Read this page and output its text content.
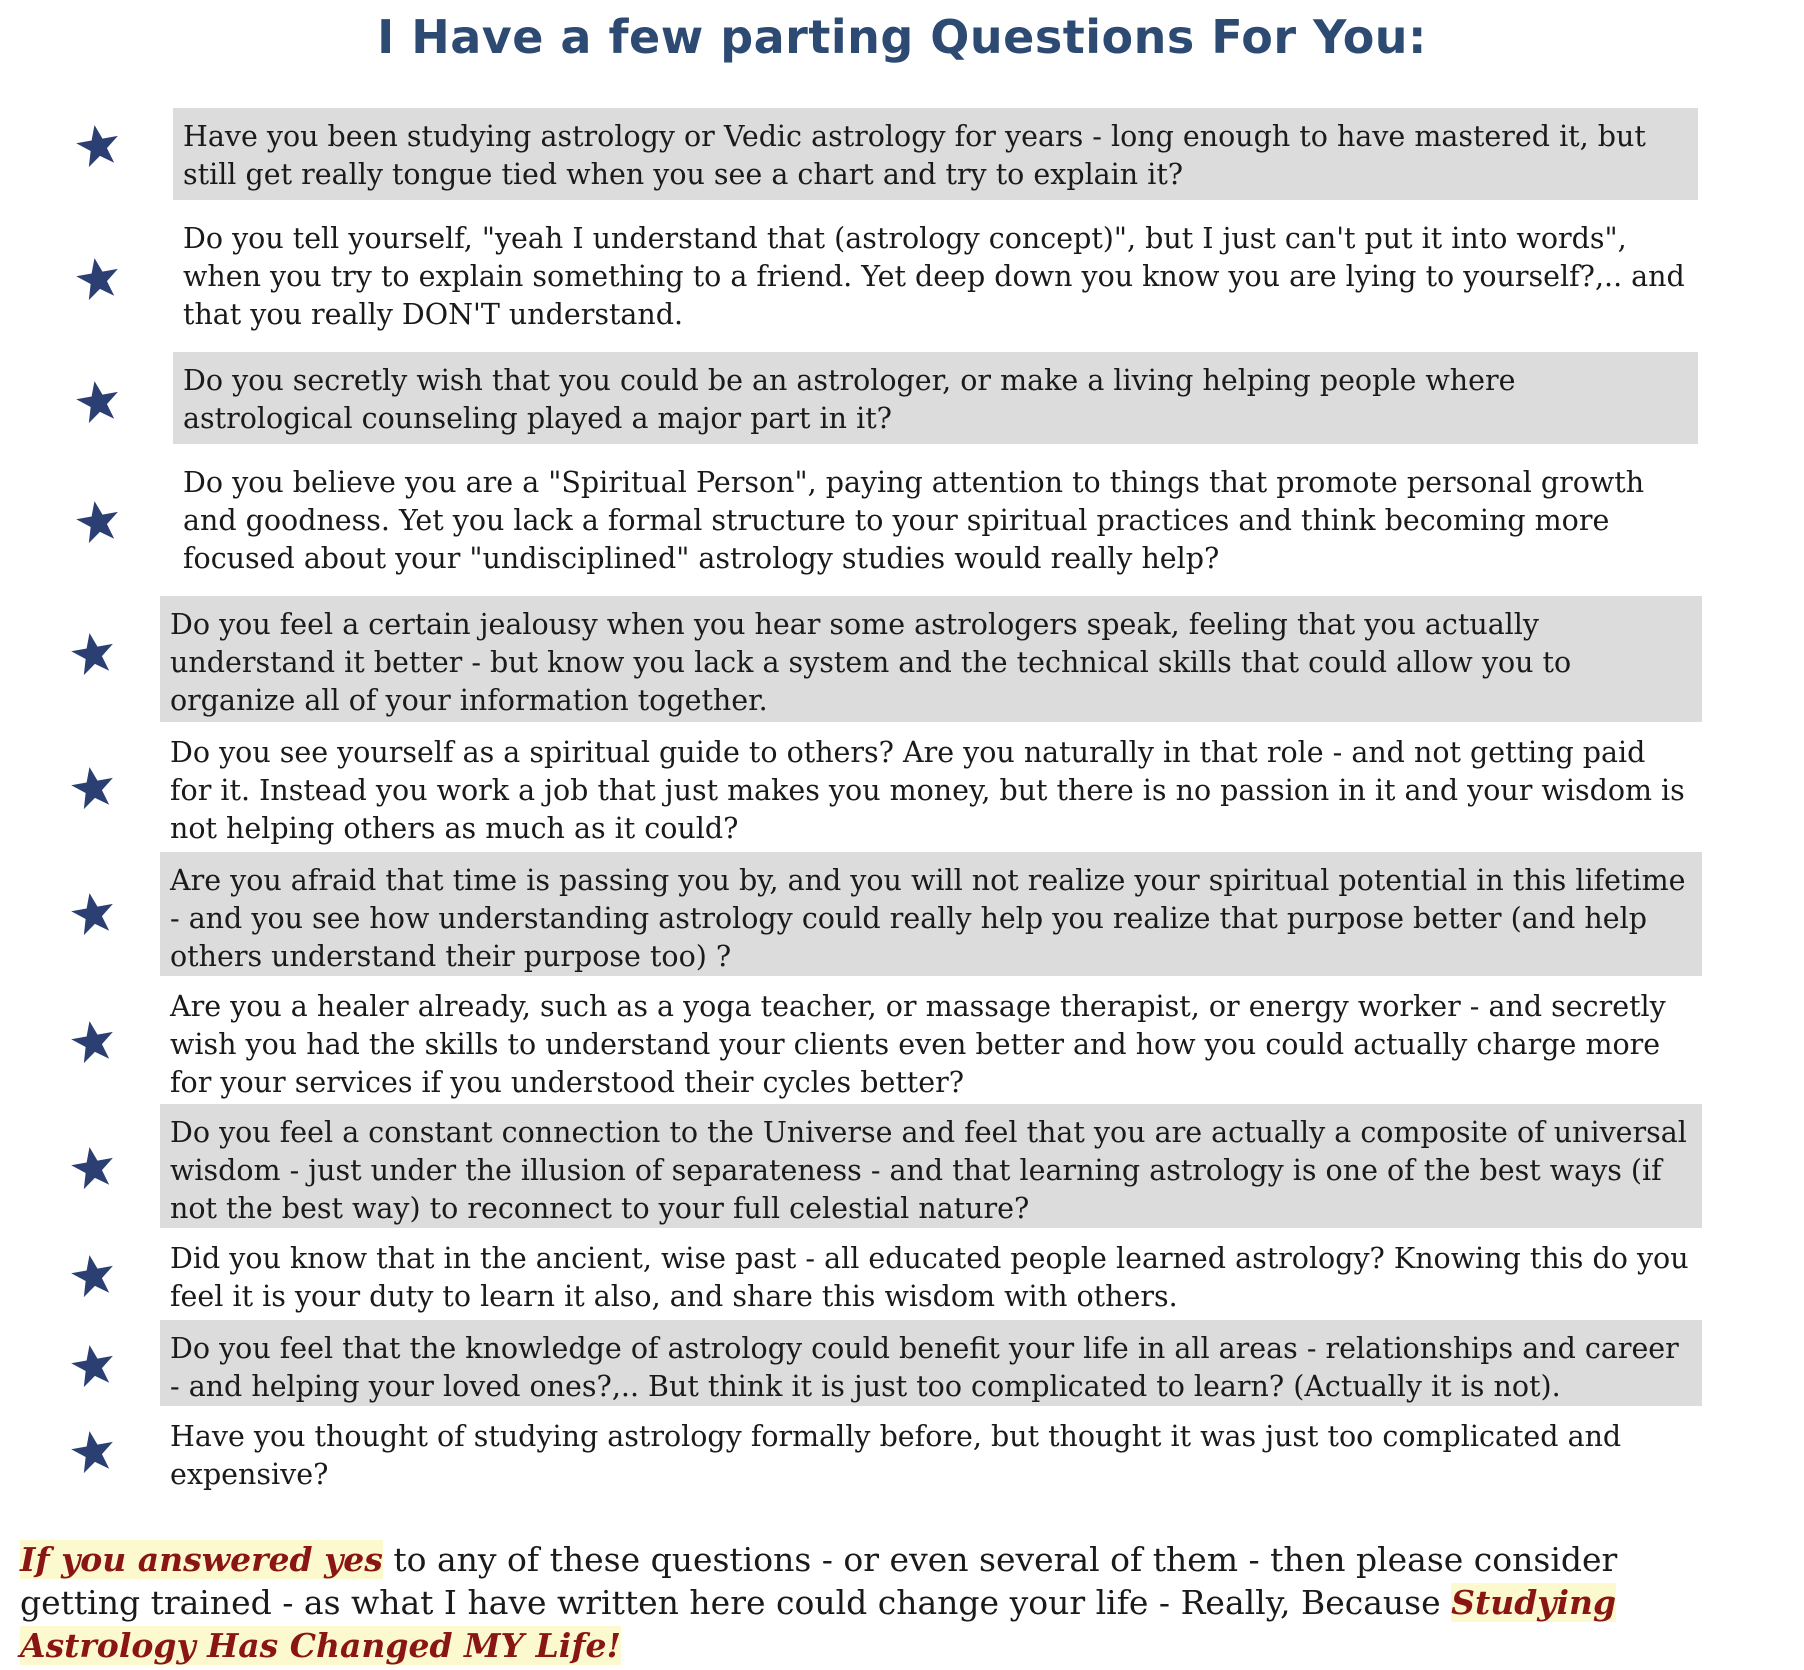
I Have a few parting Questions For You:
Have you been studying astrology or Vedic astrology for years - long enough to have mastered it, but still get really tongue tied when you see a chart and try to explain it?
Do you tell yourself, "yeah I understand that (astrology concept)", but I just can't put it into words", when you try to explain something to a friend. Yet deep down you know you are lying to yourself?,.. and that you really DON'T understand.
Do you secretly wish that you could be an astrologer, or make a living helping people where astrological counseling played a major part in it?
Do you believe you are a "Spiritual Person", paying attention to things that promote personal growth and goodness. Yet you lack a formal structure to your spiritual practices and think becoming more focused about your "undisciplined" astrology studies would really help?
Do you feel a certain jealousy when you hear some astrologers speak, feeling that you actually understand it better - but know you lack a system and the technical skills that could allow you to organize all of your information together.
Do you see yourself as a spiritual guide to others? Are you naturally in that role - and not getting paid for it. Instead you work a job that just makes you money, but there is no passion in it and your wisdom is not helping others as much as it could?
Are you afraid that time is passing you by, and you will not realize your spiritual potential in this lifetime - and you see how understanding astrology could really help you realize that purpose better (and help others understand their purpose too) ?
Are you a healer already, such as a yoga teacher, or massage therapist, or energy worker - and secretly wish you had the skills to understand your clients even better and how you could actually charge more for your services if you understood their cycles better?
Do you feel a constant connection to the Universe and feel that you are actually a composite of universal wisdom - just under the illusion of separateness - and that learning astrology is one of the best ways (if not the best way) to reconnect to your full celestial nature?
Did you know that in the ancient, wise past - all educated people learned astrology? Knowing this do you feel it is your duty to learn it also, and share this wisdom with others.
Do you feel that the knowledge of astrology could benefit your life in all areas - relationships and career - and helping your loved ones?,.. But think it is just too complicated to learn? (Actually it is not).
Have you thought of studying astrology formally before, but thought it was just too complicated and expensive?
If you answered yes to any of these questions - or even several of them - then please consider getting trained - as what I have written here could change your life - Really, Because Studying Astrology Has Changed MY Life!
